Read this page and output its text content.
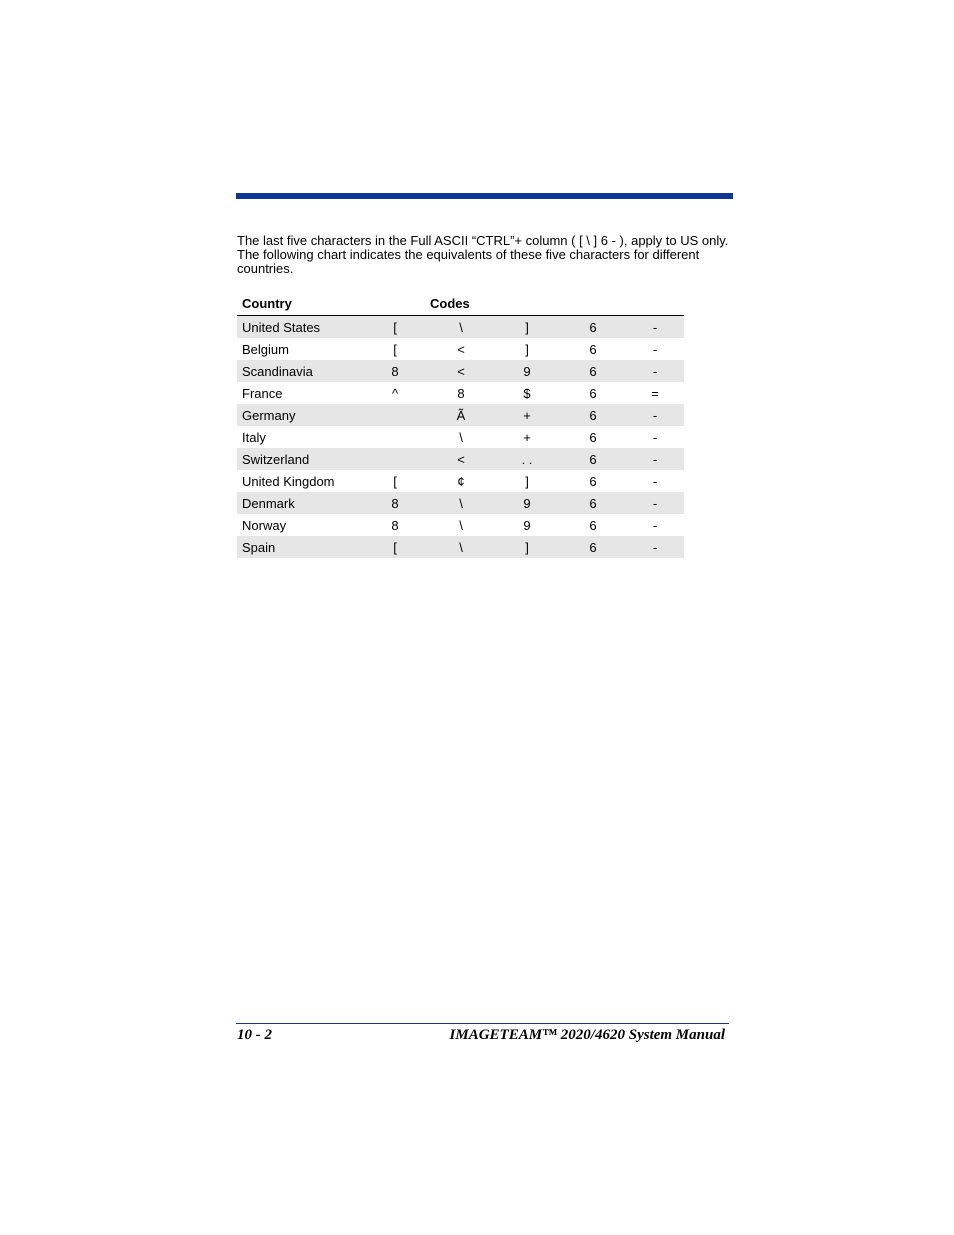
The last five characters in the Full ASCII “CTRL”+ column ( [ \ ] 6 - ), apply to US only. The following chart indicates the equivalents of these five characters for different countries.

Country	Codes				
United States	[	\	]	6	-
Belgium	[	<	]	6	-
Scandinavia	8	<	9	6	-
France	^	8	$	6	=
Germany		Ã	+	6	-
Italy		\	+	6	-
Switzerland		<	. .	6	-
United Kingdom	[	¢	]	6	-
Denmark	8	\	9	6	-
Norway	8	\	9	6	-
Spain	[	\	]	6	-
10 - 2	IMAGETEAM™ 2020/4620 System Manual
